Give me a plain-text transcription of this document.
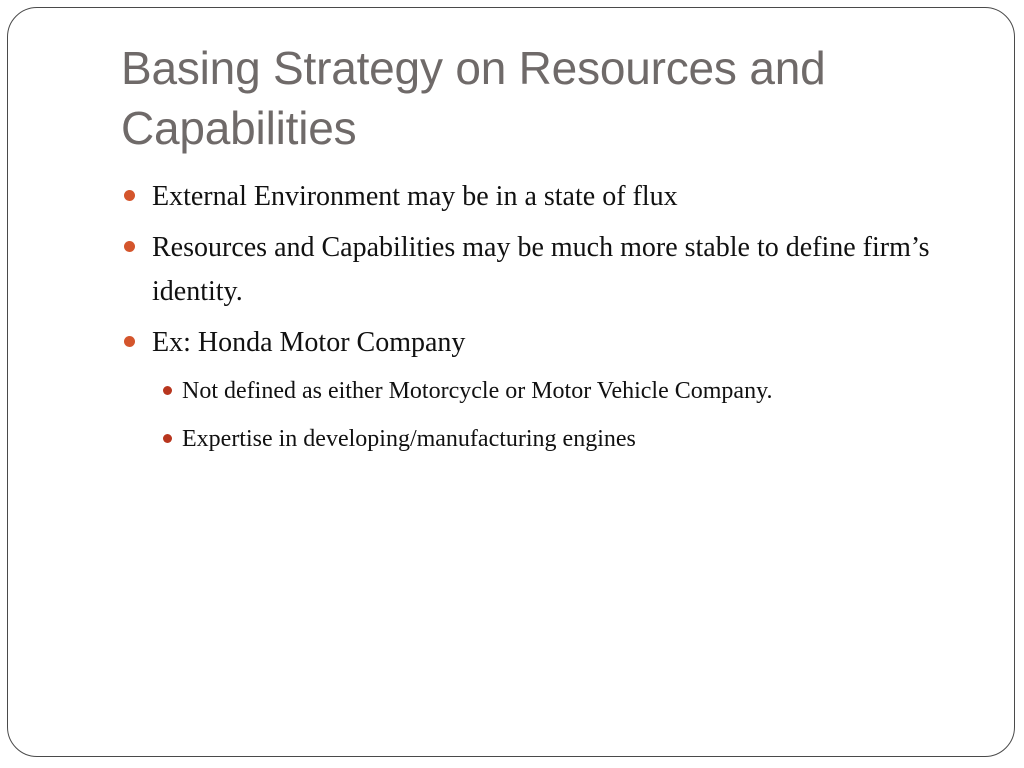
Basing Strategy on Resources and Capabilities
External Environment may be in a state of flux
Resources and Capabilities may be much more stable to define firm’s identity.
Ex: Honda Motor Company
Not defined as either Motorcycle or Motor Vehicle Company.
Expertise in developing/manufacturing engines
